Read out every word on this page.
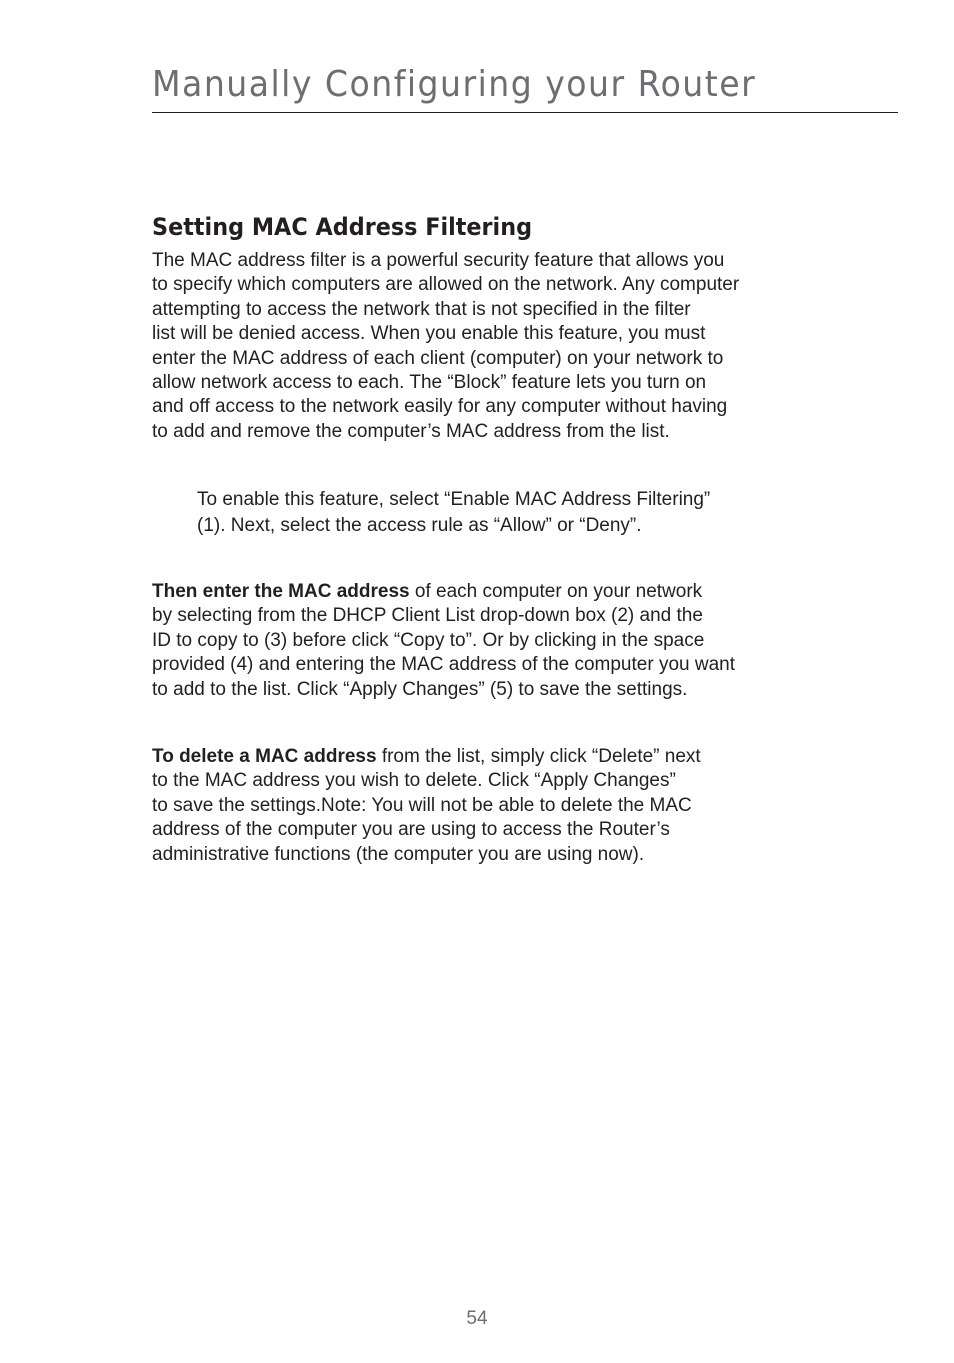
Manually Configuring your Router
Setting MAC Address Filtering

The MAC address filter is a powerful security feature that allows you
to specify which computers are allowed on the network. Any computer
attempting to access the network that is not specified in the filter
list will be denied access. When you enable this feature, you must
enter the MAC address of each client (computer) on your network to
allow network access to each. The “Block” feature lets you turn on
and off access to the network easily for any computer without having
to add and remove the computer’s MAC address from the list.

To enable this feature, select “Enable MAC Address Filtering”
(1). Next, select the access rule as “Allow” or “Deny”.

Then enter the MAC address of each computer on your network
by selecting from the DHCP Client List drop-down box (2) and the
ID to copy to (3) before click “Copy to”. Or by clicking in the space
provided (4) and entering the MAC address of the computer you want
to add to the list. Click “Apply Changes” (5) to save the settings.

To delete a MAC address from the list, simply click “Delete” next
to the MAC address you wish to delete. Click “Apply Changes”
to save the settings.Note: You will not be able to delete the MAC
address of the computer you are using to access the Router’s
administrative functions (the computer you are using now).

54
